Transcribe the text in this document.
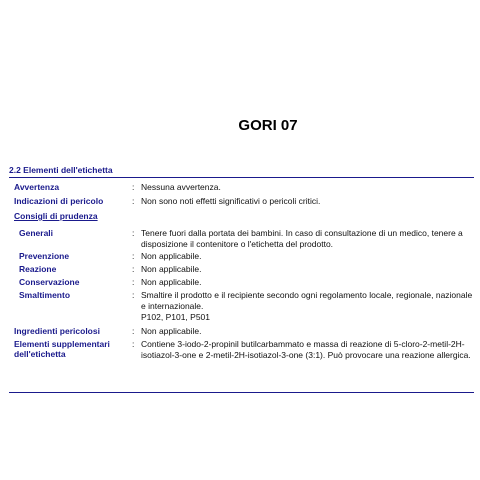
GORI 07
2.2 Elementi dell'etichetta
Avvertenza	: Nessuna avvertenza.
Indicazioni di pericolo	: Non sono noti effetti significativi o pericoli critici.
Consigli di prudenza
Generali	: Tenere fuori dalla portata dei bambini. In caso di consultazione di un medico, tenere a disposizione il contenitore o l'etichetta del prodotto.
Prevenzione	: Non applicabile.
Reazione	: Non applicabile.
Conservazione	: Non applicabile.
Smaltimento	: Smaltire il prodotto e il recipiente secondo ogni regolamento locale, regionale, nazionale e internazionale.
P102, P101, P501
Ingredienti pericolosi	: Non applicabile.
Elementi supplementari
dell'etichetta
: Contiene 3-iodo-2-propinil butilcarbammato e massa di reazione di 5-cloro-2-metil-2H-isotiazol-3-one e 2-metil-2H-isotiazol-3-one (3:1). Può provocare una reazione allergica.
